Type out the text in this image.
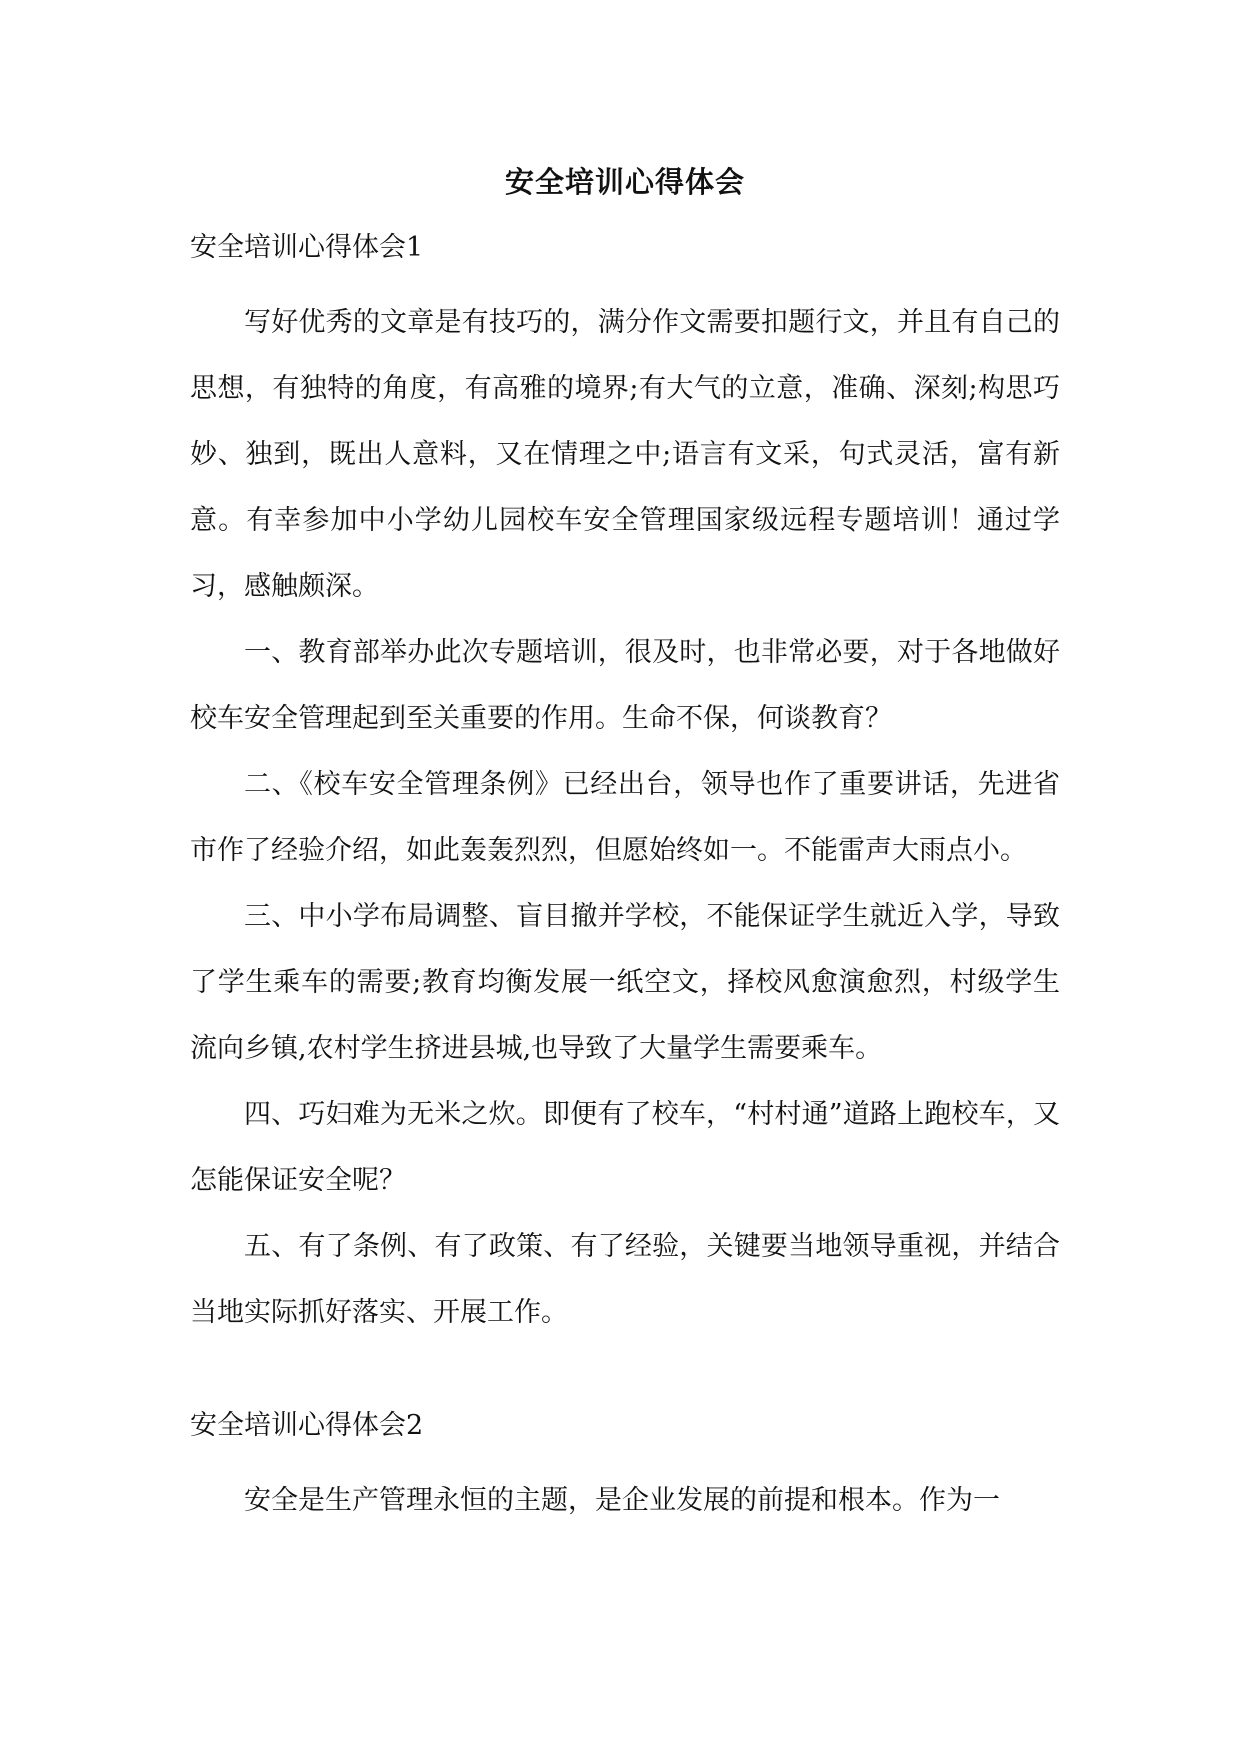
安全培训心得体会
安全培训心得体会1

写好优秀的文章是有技巧的，满分作文需要扣题行文，并且有自己的思想，有独特的角度，有高雅的境界;有大气的立意，准确、深刻;构思巧妙、独到，既出人意料，又在情理之中;语言有文采，句式灵活，富有新意。有幸参加中小学幼儿园校车安全管理国家级远程专题培训！通过学习，感触颇深。

一、教育部举办此次专题培训，很及时，也非常必要，对于各地做好校车安全管理起到至关重要的作用。生命不保，何谈教育？

二、《校车安全管理条例》已经出台，领导也作了重要讲话，先进省市作了经验介绍，如此轰轰烈烈，但愿始终如一。不能雷声大雨点小。

三、中小学布局调整、盲目撤并学校，不能保证学生就近入学，导致了学生乘车的需要;教育均衡发展一纸空文，择校风愈演愈烈，村级学生流向乡镇,农村学生挤进县城,也导致了大量学生需要乘车。

四、巧妇难为无米之炊。即便有了校车，“村村通”道路上跑校车，又怎能保证安全呢？

五、有了条例、有了政策、有了经验，关键要当地领导重视，并结合当地实际抓好落实、开展工作。

安全培训心得体会2

安全是生产管理永恒的主题，是企业发展的前提和根本。作为一
